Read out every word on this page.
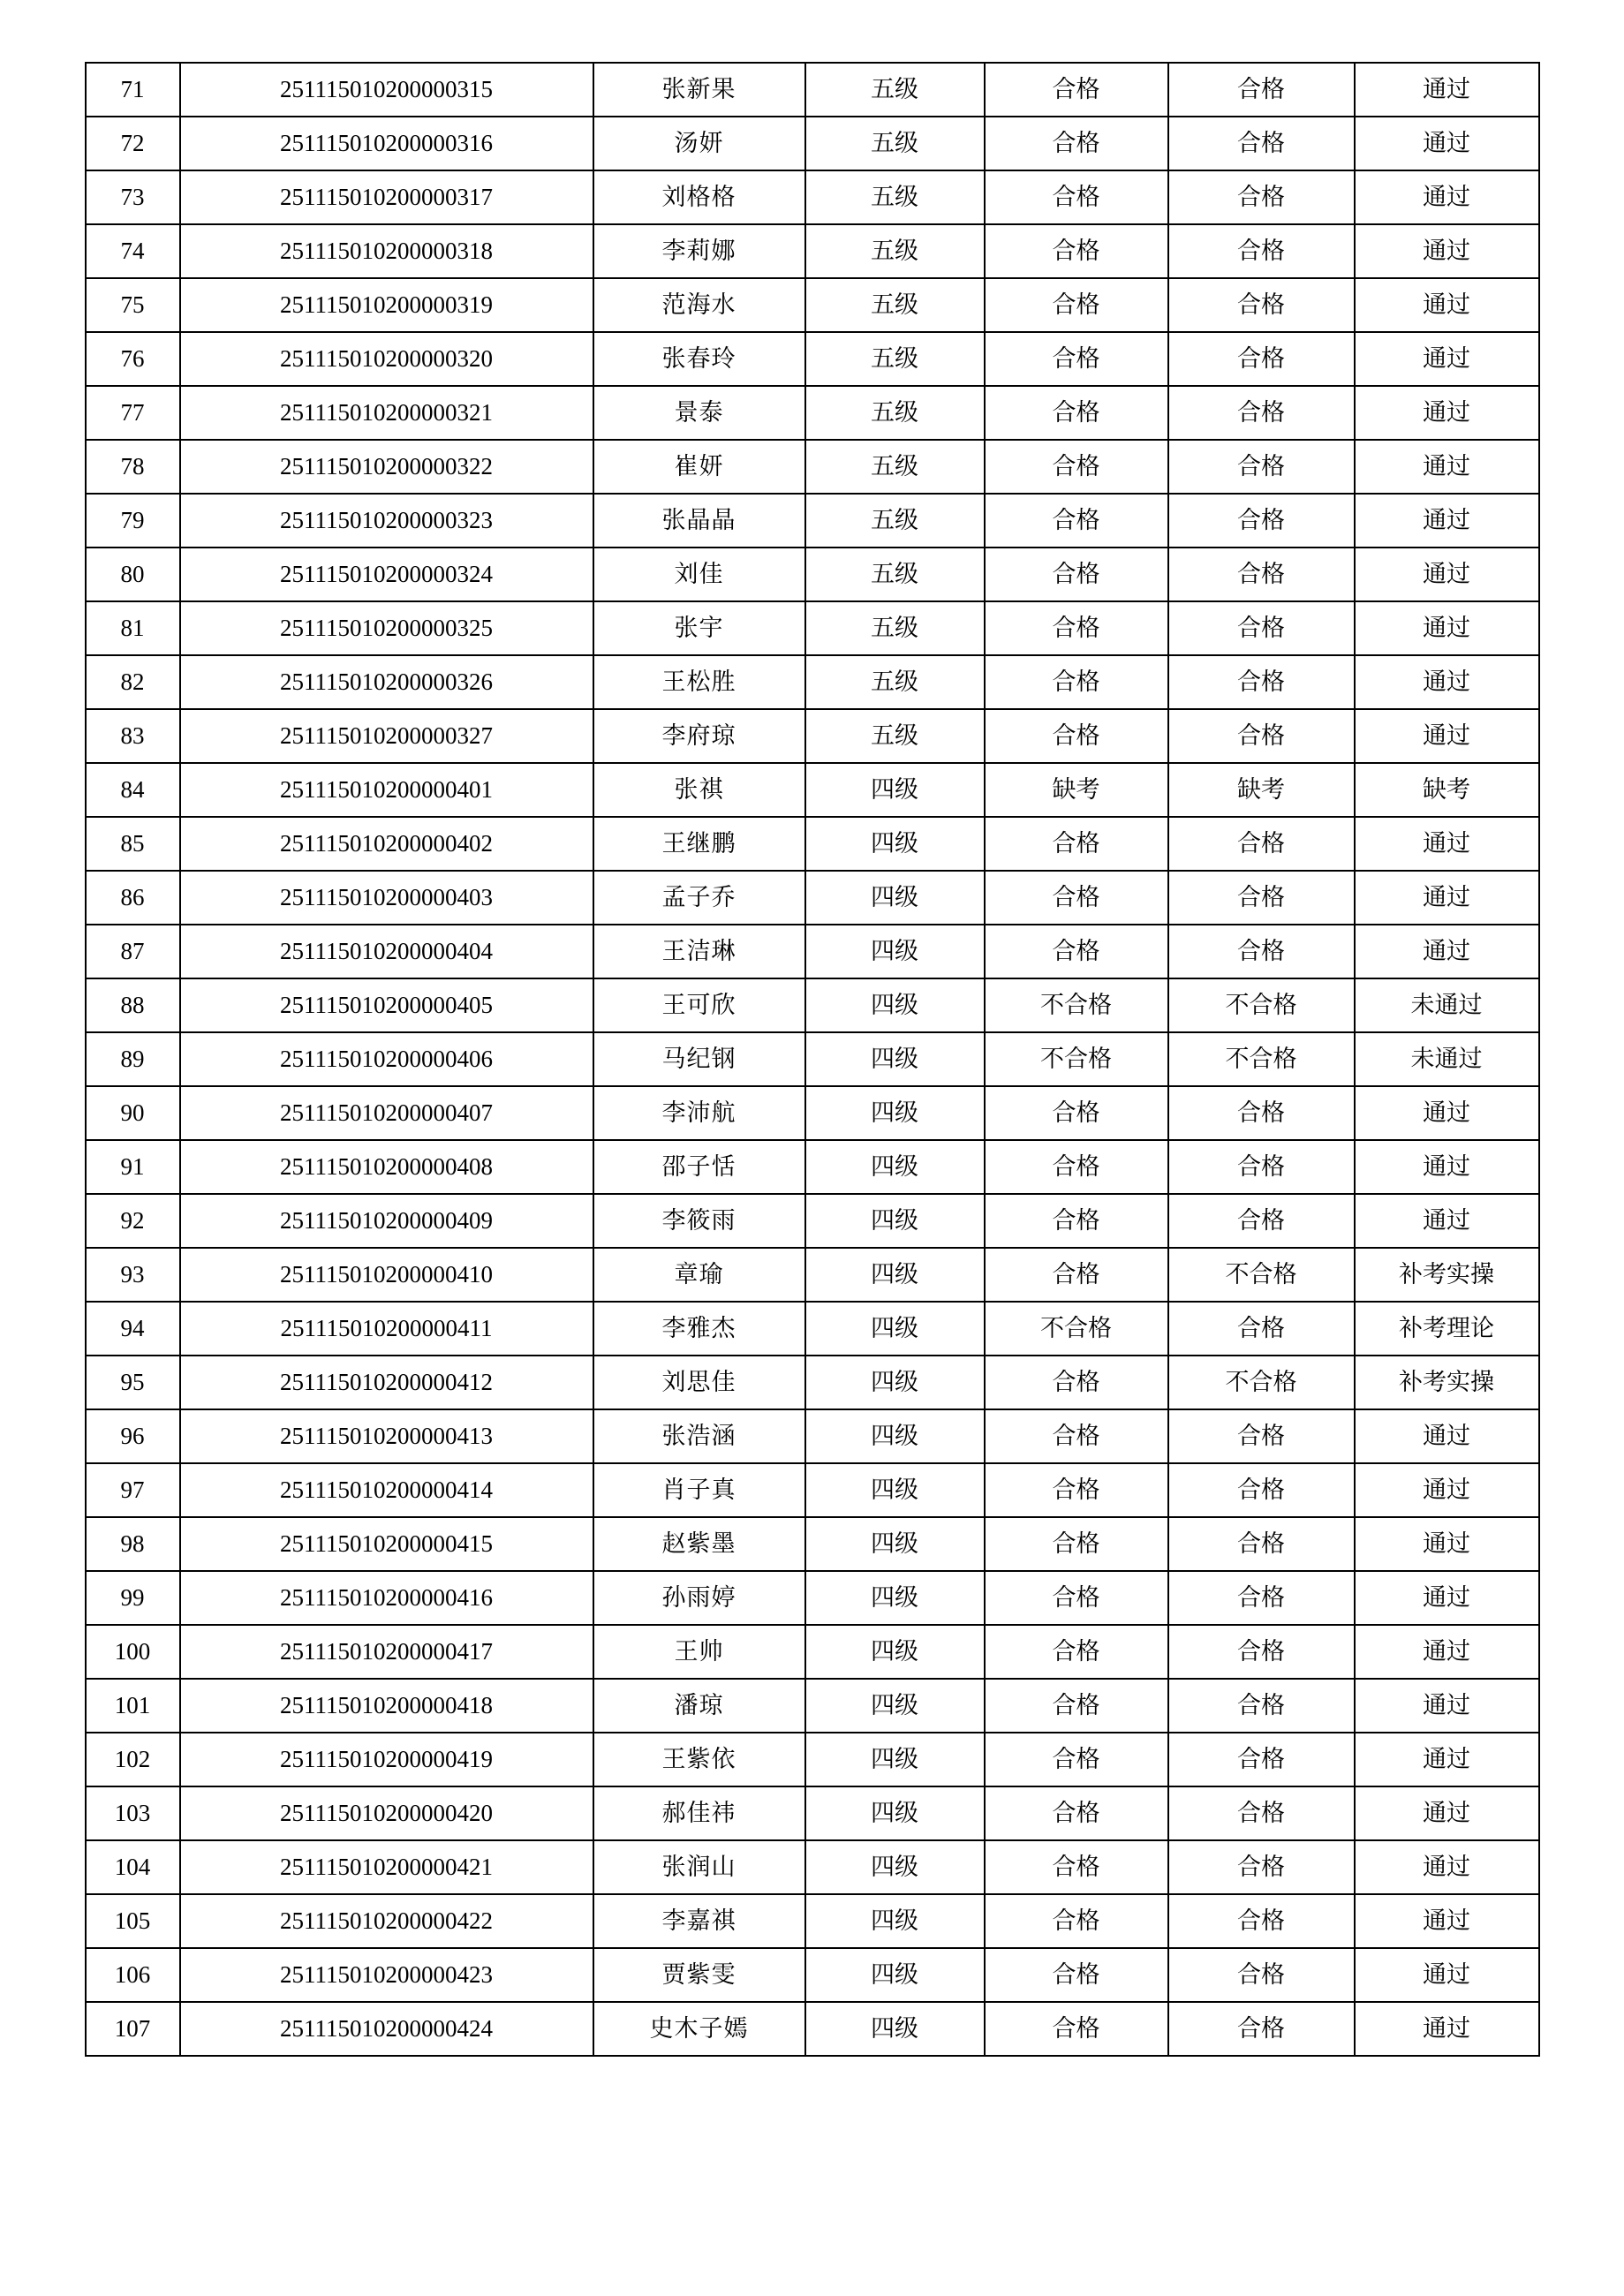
71	251115010200000315	张新果	五级	合格	合格	通过
72	251115010200000316	汤妍	五级	合格	合格	通过
73	251115010200000317	刘格格	五级	合格	合格	通过
74	251115010200000318	李莉娜	五级	合格	合格	通过
75	251115010200000319	范海水	五级	合格	合格	通过
76	251115010200000320	张春玲	五级	合格	合格	通过
77	251115010200000321	景泰	五级	合格	合格	通过
78	251115010200000322	崔妍	五级	合格	合格	通过
79	251115010200000323	张晶晶	五级	合格	合格	通过
80	251115010200000324	刘佳	五级	合格	合格	通过
81	251115010200000325	张宇	五级	合格	合格	通过
82	251115010200000326	王松胜	五级	合格	合格	通过
83	251115010200000327	李府琼	五级	合格	合格	通过
84	251115010200000401	张祺	四级	缺考	缺考	缺考
85	251115010200000402	王继鹏	四级	合格	合格	通过
86	251115010200000403	孟子乔	四级	合格	合格	通过
87	251115010200000404	王洁琳	四级	合格	合格	通过
88	251115010200000405	王可欣	四级	不合格	不合格	未通过
89	251115010200000406	马纪钢	四级	不合格	不合格	未通过
90	251115010200000407	李沛航	四级	合格	合格	通过
91	251115010200000408	邵子恬	四级	合格	合格	通过
92	251115010200000409	李筱雨	四级	合格	合格	通过
93	251115010200000410	章瑜	四级	合格	不合格	补考实操
94	251115010200000411	李雅杰	四级	不合格	合格	补考理论
95	251115010200000412	刘思佳	四级	合格	不合格	补考实操
96	251115010200000413	张浩涵	四级	合格	合格	通过
97	251115010200000414	肖子真	四级	合格	合格	通过
98	251115010200000415	赵紫墨	四级	合格	合格	通过
99	251115010200000416	孙雨婷	四级	合格	合格	通过
100	251115010200000417	王帅	四级	合格	合格	通过
101	251115010200000418	潘琼	四级	合格	合格	通过
102	251115010200000419	王紫依	四级	合格	合格	通过
103	251115010200000420	郝佳祎	四级	合格	合格	通过
104	251115010200000421	张润山	四级	合格	合格	通过
105	251115010200000422	李嘉祺	四级	合格	合格	通过
106	251115010200000423	贾紫雯	四级	合格	合格	通过
107	251115010200000424	史木子嫣	四级	合格	合格	通过
